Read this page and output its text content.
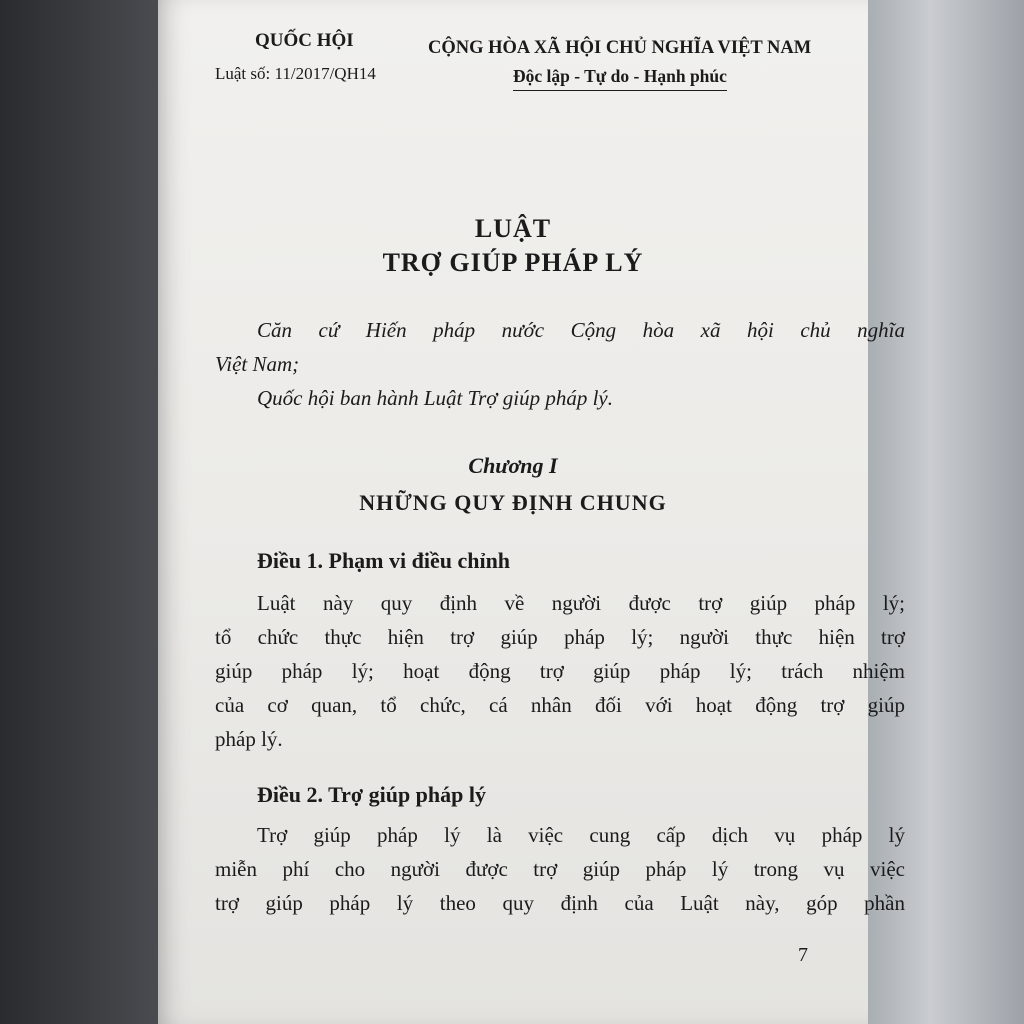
QUỐC HỘI
Luật số: 11/2017/QH14
CỘNG HÒA XÃ HỘI CHỦ NGHĨA VIỆT NAM
Độc lập - Tự do - Hạnh phúc
LUẬT
TRỢ GIÚP PHÁP LÝ
Căn cứ Hiến pháp nước Cộng hòa xã hội chủ nghĩa
Việt Nam;
Quốc hội ban hành Luật Trợ giúp pháp lý.
Chương I
NHỮNG QUY ĐỊNH CHUNG
Điều 1. Phạm vi điều chỉnh
Luật này quy định về người được trợ giúp pháp lý;
tổ chức thực hiện trợ giúp pháp lý; người thực hiện trợ
giúp pháp lý; hoạt động trợ giúp pháp lý; trách nhiệm
của cơ quan, tổ chức, cá nhân đối với hoạt động trợ giúp
pháp lý.
Điều 2. Trợ giúp pháp lý
Trợ giúp pháp lý là việc cung cấp dịch vụ pháp lý
miễn phí cho người được trợ giúp pháp lý trong vụ việc
trợ giúp pháp lý theo quy định của Luật này, góp phần
7
